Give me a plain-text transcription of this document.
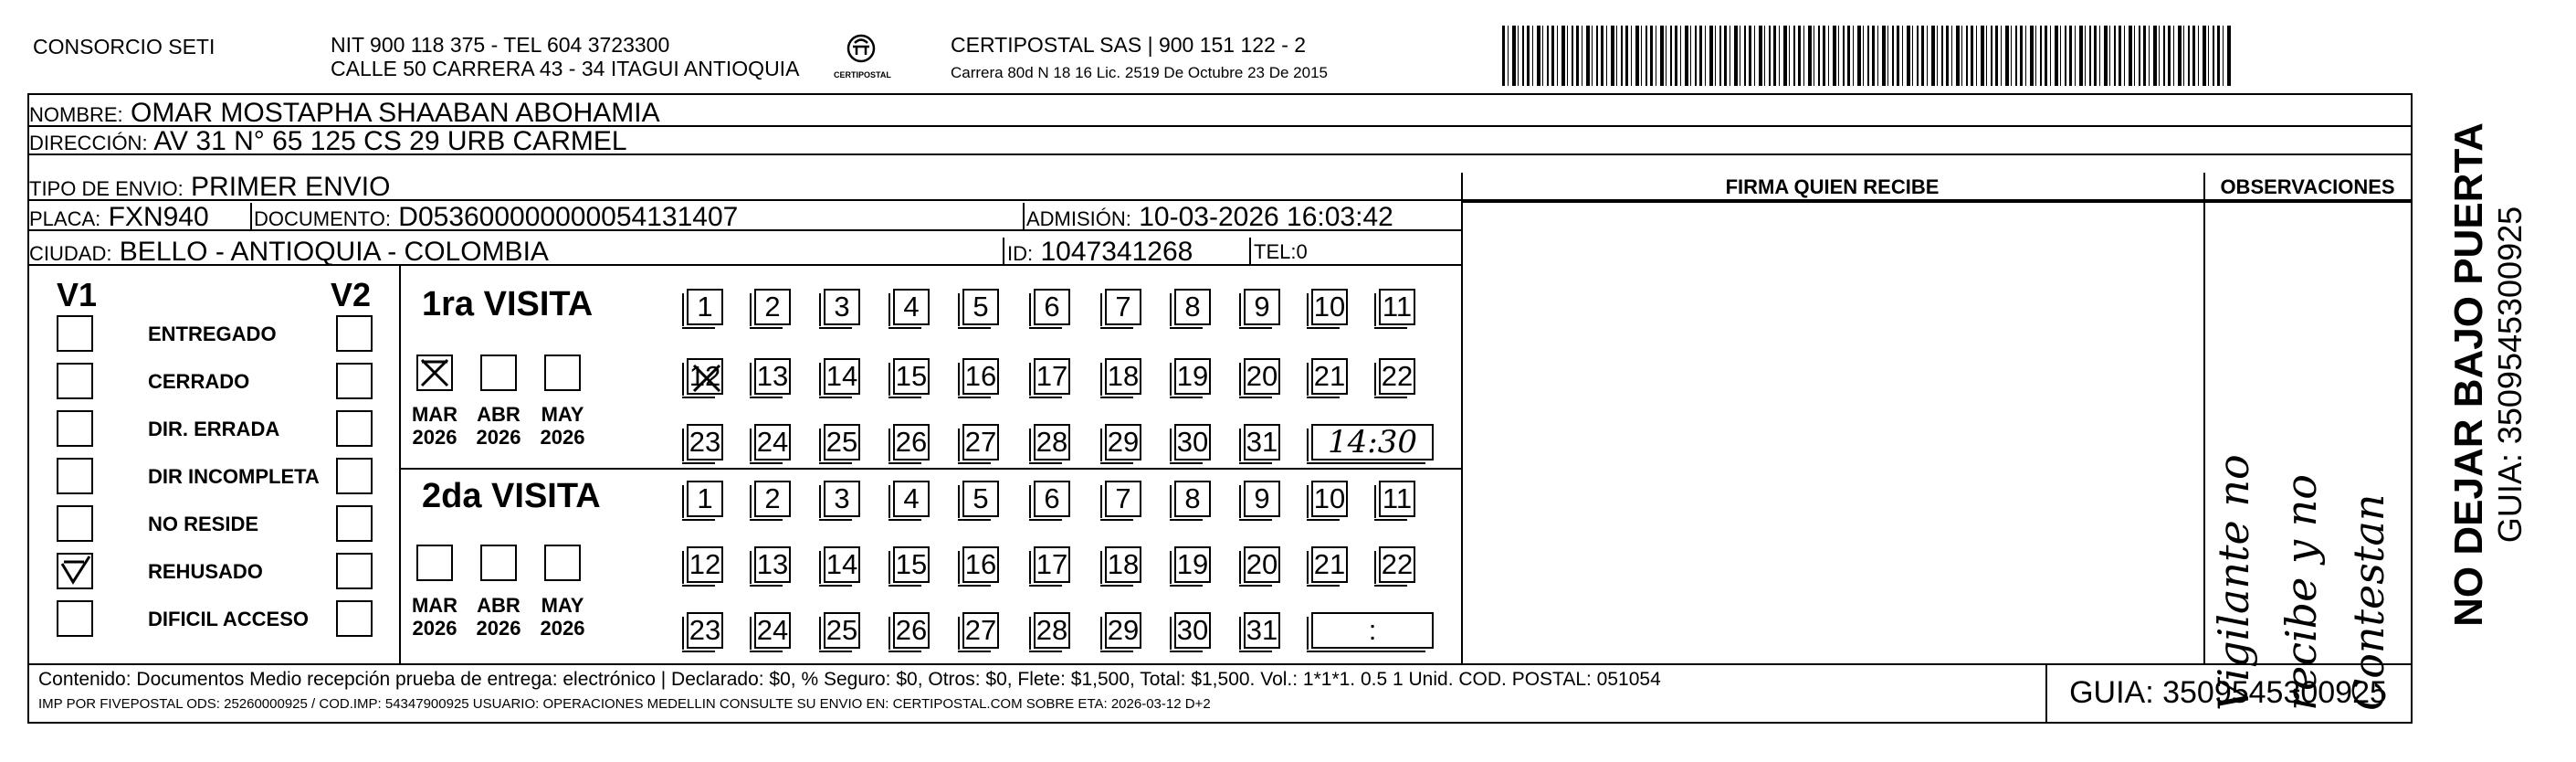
CONSORCIO SETI	NIT 900 118 375 - TEL 604 3723300
CALLE 50 CARRERA 43 - 34 ITAGUI ANTIOQUIA	CERTIPOSTAL
CERTIPOSTAL SAS | 900 151 122 - 2
Carrera 80d N 18 16 Lic. 2519 De Octubre 23 De 2015
NOMBRE: OMAR MOSTAPHA SHAABAN ABOHAMIA
DIRECCIÓN: AV 31 N° 65 125 CS 29 URB CARMEL
TIPO DE ENVIO: PRIMER ENVIO
PLACA: FXN940	DOCUMENTO: D053600000000054131407	ADMISIÓN: 10-03-2026 16:03:42
CIUDAD: BELLO - ANTIOQUIA - COLOMBIA	ID: 1047341268	TEL:0
FIRMA QUIEN RECIBE	OBSERVACIONES
Vigilante no recibe y no Contestan
V1	V2
ENTREGADO
CERRADO
DIR. ERRADA
DIR INCOMPLETA
NO RESIDE
REHUSADO
DIFICIL ACCESO
1ra VISITA
MAR
2026
ABR
2026
MAY
2026
1	2	3	4	5	6	7	8	9	10 11
12 13 14 15 16 17 18 19 20 21 22
23 24 25 26 27 28 29 30 31	14:30
2da VISITA
MAR
2026
ABR
2026
MAY
2026
1	2	3	4	5	6	7	8	9	10 11
12 13 14 15 16 17 18 19 20 21 22
23 24 25 26 27 28 29 30 31	:
Contenido: Documentos Medio recepción prueba de entrega: electrónico | Declarado: $0, % Seguro: $0, Otros: $0, Flete: $1,500, Total: $1,500. Vol.: 1*1*1. 0.5 1 Unid. COD. POSTAL: 051054
IMP POR FIVEPOSTAL ODS: 25260000925 / COD.IMP: 54347900925 USUARIO: OPERACIONES MEDELLIN CONSULTE SU ENVIO EN: CERTIPOSTAL.COM SOBRE ETA: 2026-03-12 D+2	GUIA: 3509545300925
NO DEJAR BAJO PUERTA GUIA: 3509545300925
